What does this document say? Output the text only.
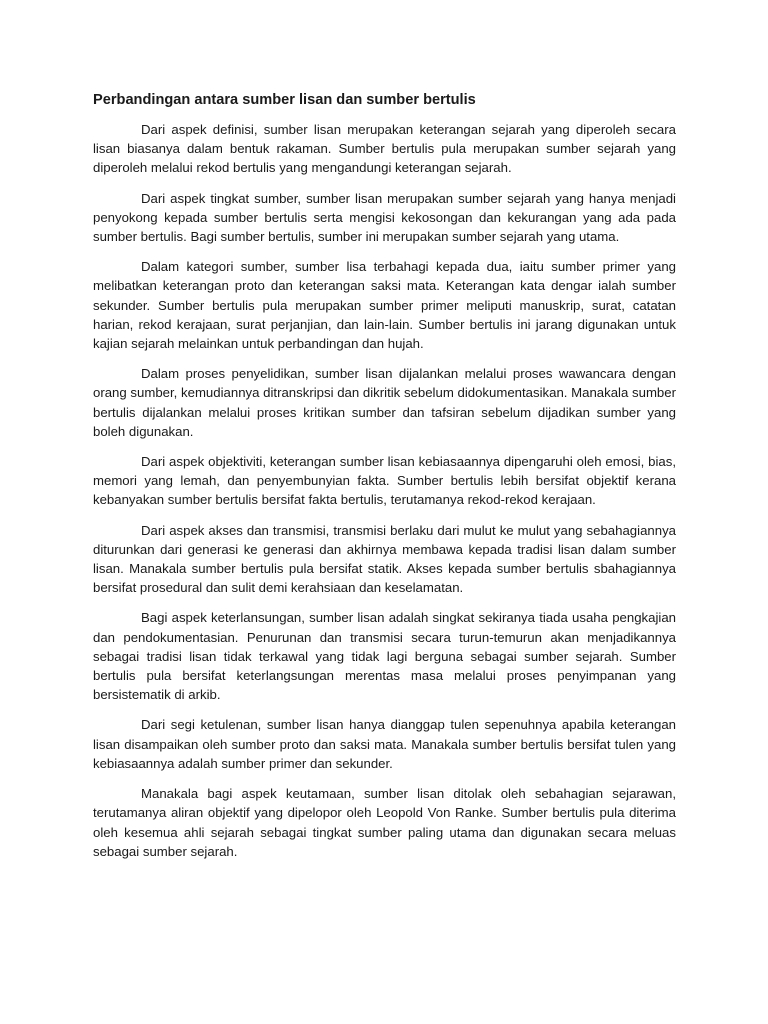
Perbandingan antara sumber lisan dan sumber bertulis

Dari aspek definisi, sumber lisan merupakan keterangan sejarah yang diperoleh secara lisan biasanya dalam bentuk rakaman. Sumber bertulis pula merupakan sumber sejarah yang diperoleh melalui rekod bertulis yang mengandungi keterangan sejarah.

Dari aspek tingkat sumber, sumber lisan merupakan sumber sejarah yang hanya menjadi penyokong kepada sumber bertulis serta mengisi kekosongan dan kekurangan yang ada pada sumber bertulis. Bagi sumber bertulis, sumber ini merupakan sumber sejarah yang utama.

Dalam kategori sumber, sumber lisa terbahagi kepada dua, iaitu sumber primer yang melibatkan keterangan proto dan keterangan saksi mata. Keterangan kata dengar ialah sumber sekunder. Sumber bertulis pula merupakan sumber primer meliputi manuskrip, surat, catatan harian, rekod kerajaan, surat perjanjian, dan lain-lain. Sumber bertulis ini jarang digunakan untuk kajian sejarah melainkan untuk perbandingan dan hujah.

Dalam proses penyelidikan, sumber lisan dijalankan melalui proses wawancara dengan orang sumber, kemudiannya ditranskripsi dan dikritik sebelum didokumentasikan. Manakala sumber bertulis dijalankan melalui proses kritikan sumber dan tafsiran sebelum dijadikan sumber yang boleh digunakan.

Dari aspek objektiviti, keterangan sumber lisan kebiasaannya dipengaruhi oleh emosi, bias, memori yang lemah, dan penyembunyian fakta. Sumber bertulis lebih bersifat objektif kerana kebanyakan sumber bertulis bersifat fakta bertulis, terutamanya rekod-rekod kerajaan.

Dari aspek akses dan transmisi, transmisi berlaku dari mulut ke mulut yang sebahagiannya diturunkan dari generasi ke generasi dan akhirnya membawa kepada tradisi lisan dalam sumber lisan. Manakala sumber bertulis pula bersifat statik. Akses kepada sumber bertulis sbahagiannya bersifat prosedural dan sulit demi kerahsiaan dan keselamatan.

Bagi aspek keterlansungan, sumber lisan adalah singkat sekiranya tiada usaha pengkajian dan pendokumentasian. Penurunan dan transmisi secara turun-temurun akan menjadikannya sebagai tradisi lisan tidak terkawal yang tidak lagi berguna sebagai sumber sejarah. Sumber bertulis pula bersifat keterlangsungan merentas masa melalui proses penyimpanan yang bersistematik di arkib.

Dari segi ketulenan, sumber lisan hanya dianggap tulen sepenuhnya apabila keterangan lisan disampaikan oleh sumber proto dan saksi mata. Manakala sumber bertulis bersifat tulen yang kebiasaannya adalah sumber primer dan sekunder.

Manakala bagi aspek keutamaan, sumber lisan ditolak oleh sebahagian sejarawan, terutamanya aliran objektif yang dipelopor oleh Leopold Von Ranke. Sumber bertulis pula diterima oleh kesemua ahli sejarah sebagai tingkat sumber paling utama dan digunakan secara meluas sebagai sumber sejarah.
